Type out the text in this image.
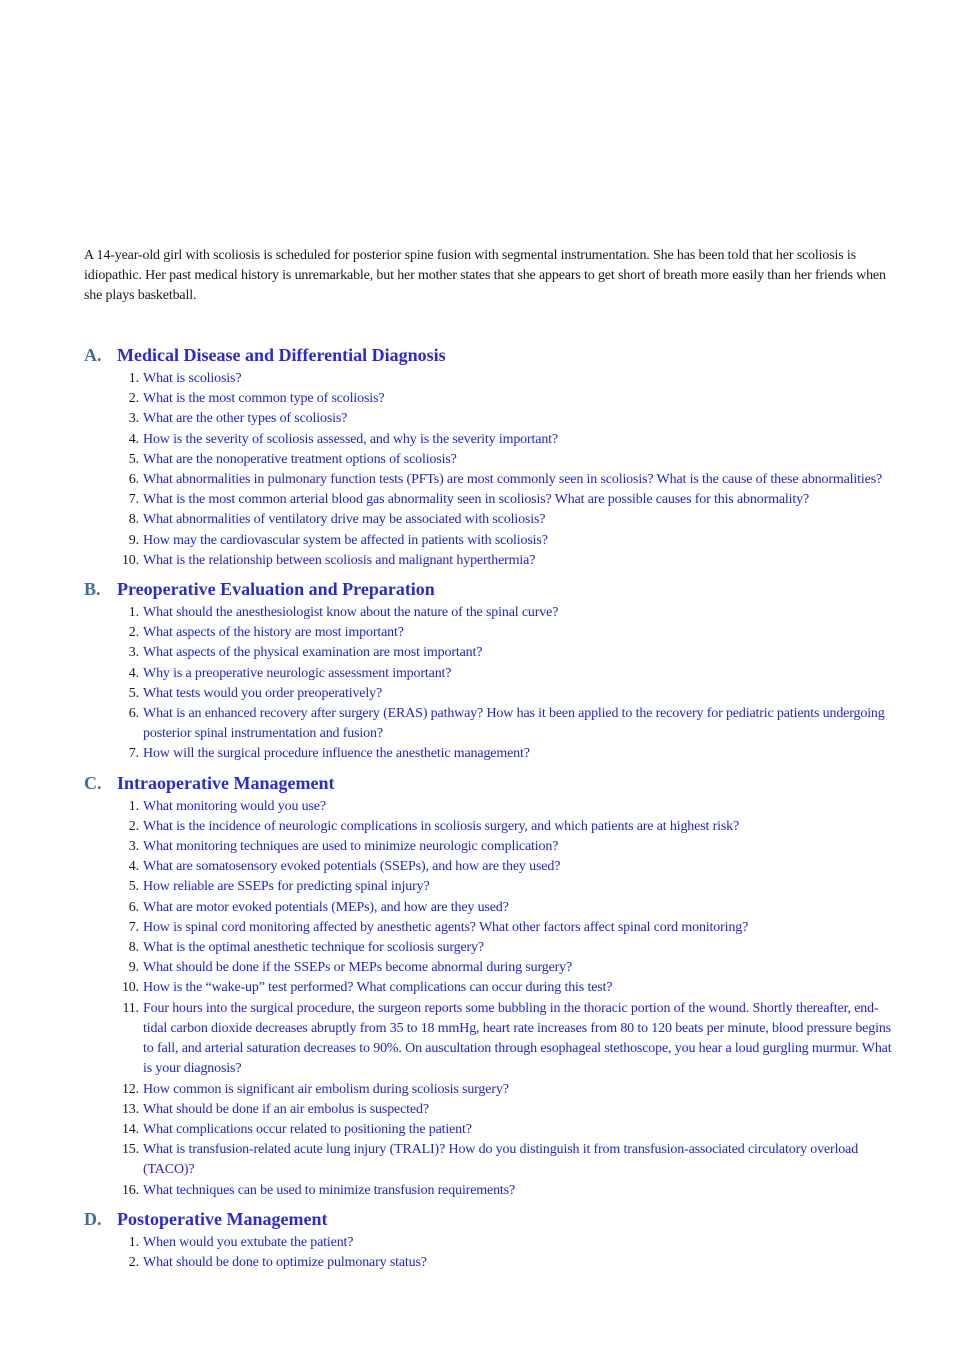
A 14-year-old girl with scoliosis is scheduled for posterior spine fusion with segmental instrumentation. She has been told that her scoliosis is idiopathic. Her past medical history is unremarkable, but her mother states that she appears to get short of breath more easily than her friends when she plays basketball.

A. Medical Disease and Differential Diagnosis
1. What is scoliosis?
2. What is the most common type of scoliosis?
3. What are the other types of scoliosis?
4. How is the severity of scoliosis assessed, and why is the severity important?
5. What are the nonoperative treatment options of scoliosis?
6. What abnormalities in pulmonary function tests (PFTs) are most commonly seen in scoliosis? What is the cause of these abnormalities?
7. What is the most common arterial blood gas abnormality seen in scoliosis? What are possible causes for this abnormality?
8. What abnormalities of ventilatory drive may be associated with scoliosis?
9. How may the cardiovascular system be affected in patients with scoliosis?
10. What is the relationship between scoliosis and malignant hyperthermia?
B. Preoperative Evaluation and Preparation
1. What should the anesthesiologist know about the nature of the spinal curve?
2. What aspects of the history are most important?
3. What aspects of the physical examination are most important?
4. Why is a preoperative neurologic assessment important?
5. What tests would you order preoperatively?
6. What is an enhanced recovery after surgery (ERAS) pathway? How has it been applied to the recovery for pediatric patients undergoing posterior spinal instrumentation and fusion?
7. How will the surgical procedure influence the anesthetic management?
C. Intraoperative Management
1. What monitoring would you use?
2. What is the incidence of neurologic complications in scoliosis surgery, and which patients are at highest risk?
3. What monitoring techniques are used to minimize neurologic complication?
4. What are somatosensory evoked potentials (SSEPs), and how are they used?
5. How reliable are SSEPs for predicting spinal injury?
6. What are motor evoked potentials (MEPs), and how are they used?
7. How is spinal cord monitoring affected by anesthetic agents? What other factors affect spinal cord monitoring?
8. What is the optimal anesthetic technique for scoliosis surgery?
9. What should be done if the SSEPs or MEPs become abnormal during surgery?
10. How is the “wake-up” test performed? What complications can occur during this test?
11. Four hours into the surgical procedure, the surgeon reports some bubbling in the thoracic portion of the wound. Shortly thereafter, end-tidal carbon dioxide decreases abruptly from 35 to 18 mmHg, heart rate increases from 80 to 120 beats per minute, blood pressure begins to fall, and arterial saturation decreases to 90%. On auscultation through esophageal stethoscope, you hear a loud gurgling murmur. What is your diagnosis?
12. How common is significant air embolism during scoliosis surgery?
13. What should be done if an air embolus is suspected?
14. What complications occur related to positioning the patient?
15. What is transfusion-related acute lung injury (TRALI)? How do you distinguish it from transfusion-associated circulatory overload (TACO)?
16. What techniques can be used to minimize transfusion requirements?
D. Postoperative Management
1. When would you extubate the patient?
2. What should be done to optimize pulmonary status?
